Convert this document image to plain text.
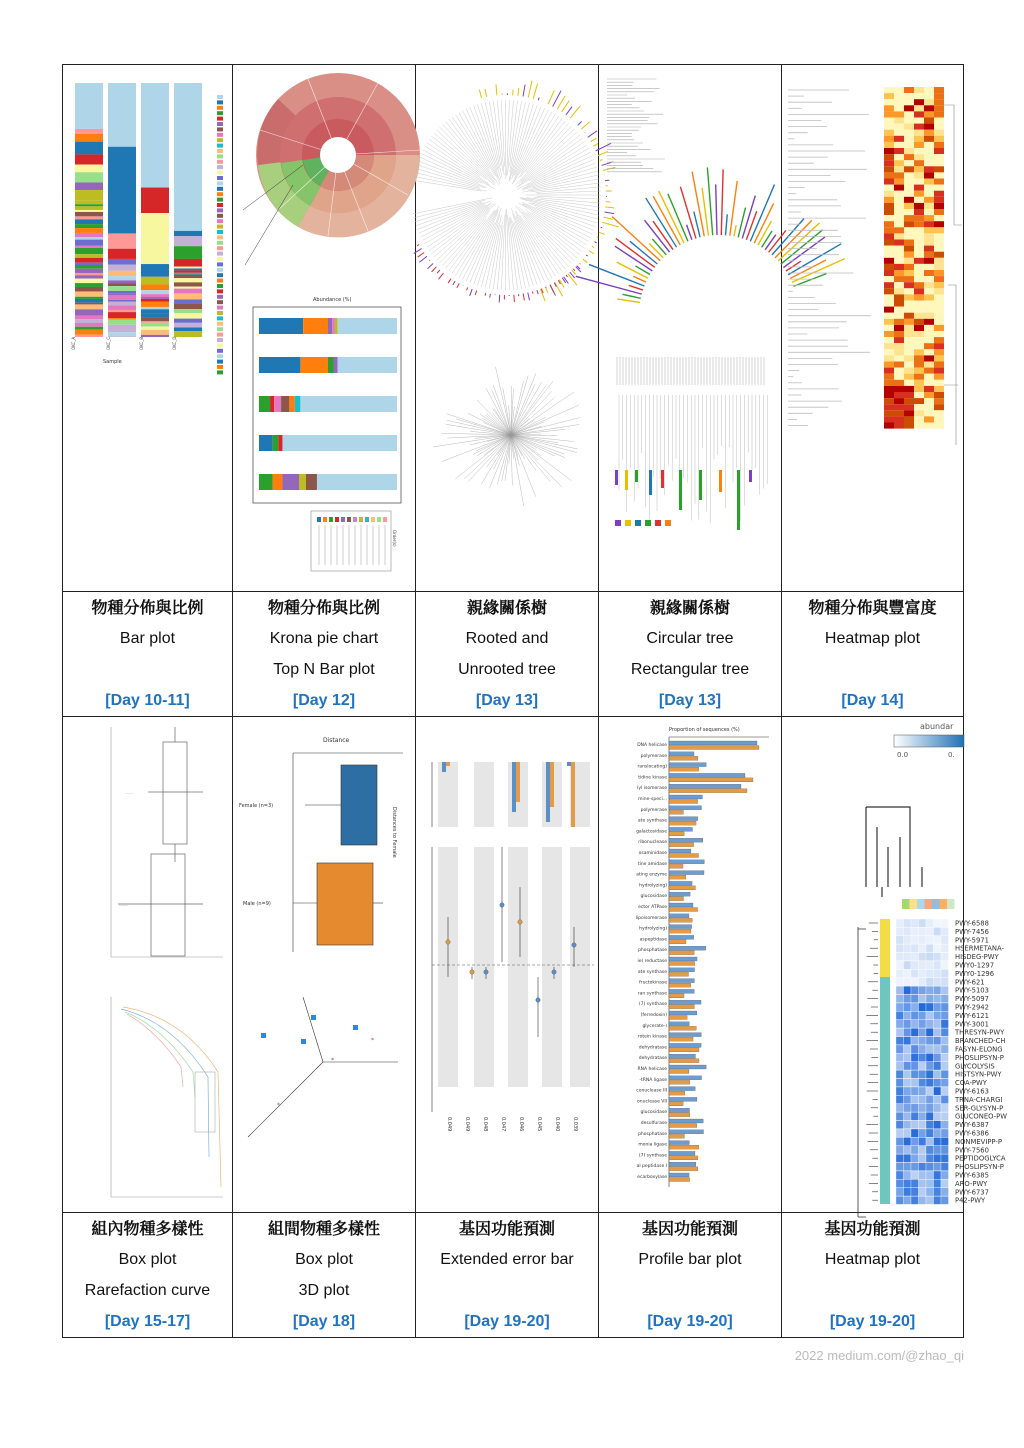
Sample
OKC_A	OKC_C	OKC_B	OKC_D
Abundance (%)
Order(s)
物種分佈與比例
Bar plot

[Day 10-11]
物種分佈與比例
Krona pie chart
Top N Bar plot
[Day 12]
親緣關係樹
Rooted and
Unrooted tree
[Day 13]
親緣關係樹
Circular tree
Rectangular tree
[Day 13]
物種分佈與豐富度
Heatmap plot

[Day 14]
--------
--------
Distance
Female (n=3)
Male (n=9)
Distances to Female
*
*
*
0.049 0.049 0.048 0.047 0.046 0.045 0.040 0.039
Proportion of sequences (%)
DNA helicase
polymerase
ranslocating)
tidine kinase
lyl isomerase
mine-speci...
polymerase
ate synthase
galactosidase
ribonuclease
osaminidase
tine amidase
ating enzyme
hydrolyzing)
glucosidase
ector ATPase
lipoisomerase
hydrolyzing)
aspeptidase
phosphatase
ie) reductase
ate synthase
fructokinase
ran synthase
(7) synthase
(ferredoxin)
glycerate-)
rotein kinase
dehydratase
dehydratase
RNA helicase
-tRNA ligase
conuclease III
onuclease VII
glucosidase
desulfurase
phosphatase
monia ligase
(7) synthase
al peptidase I
ecarboxylase
abundar
0.0	0.
PWY-6588
PWY-7456
PWY-5971
HSERMETANA-
HISDEG-PWY
PWY0-1297
PWY0-1296
PWY-621
PWY-5103
PWY-5097
PWY-2942
PWY-6121
PWY-3001
THRESYN-PWY
BRANCHED-CH
FASYN-ELONG
PHOSLIPSYN-P
GLYCOLYSIS
HISTSYN-PWY
COA-PWY
PWY-6163
TRNA-CHARGI
SER-GLYSYN-P
GLUCONEO-PW
PWY-6387
PWY-6386
NONMEVIPP-P
PWY-7560
PEPTIDOGLYCA
PHOSLIPSYN-P
PWY-6385
ARO-PWY
PWY-6737
P42-PWY
組內物種多樣性
Box plot
Rarefaction curve
[Day 15-17]
組間物種多樣性
Box plot
3D plot
[Day 18]
基因功能預測
Extended error bar

[Day 19-20]
基因功能預測
Profile bar plot

[Day 19-20]
基因功能預測
Heatmap plot

[Day 19-20]
2022 medium.com/@zhao_qi
